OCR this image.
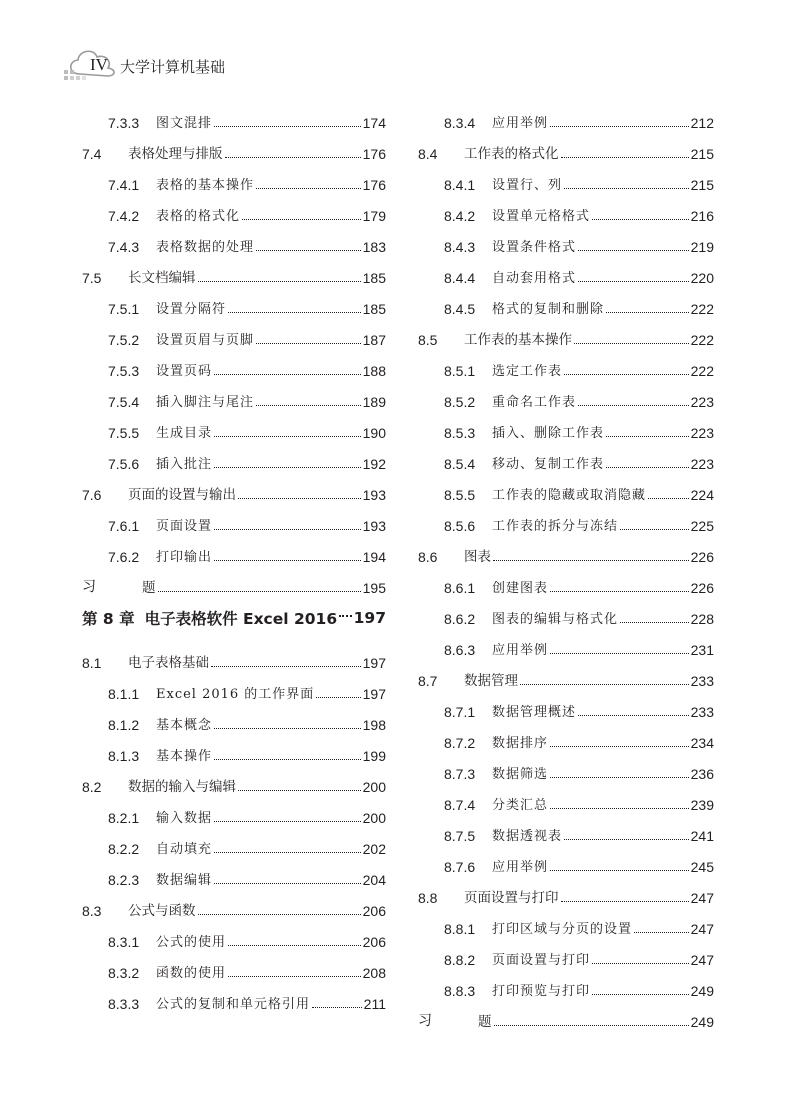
IV 大学计算机基础
7.3.3	图文混排	174
7.4	表格处理与排版	176
7.4.1	表格的基本操作	176
7.4.2	表格的格式化	179
7.4.3	表格数据的处理	183
7.5	长文档编辑	185
7.5.1	设置分隔符	185
7.5.2	设置页眉与页脚	187
7.5.3	设置页码	188
7.5.4	插入脚注与尾注	189
7.5.5	生成目录	190
7.5.6	插入批注	192
7.6	页面的设置与输出	193
7.6.1	页面设置	193
7.6.2	打印输出	194
习	题	195
第 8 章 电子表格软件 Excel 2016 197
8.1	电子表格基础	197
8.1.1	Excel 2016 的工作界面	197
8.1.2	基本概念	198
8.1.3	基本操作	199
8.2	数据的输入与编辑	200
8.2.1	输入数据	200
8.2.2	自动填充	202
8.2.3	数据编辑	204
8.3	公式与函数	206
8.3.1	公式的使用	206
8.3.2	函数的使用	208
8.3.3	公式的复制和单元格引用	211
8.3.4	应用举例	212
8.4	工作表的格式化	215
8.4.1	设置行、列	215
8.4.2	设置单元格格式	216
8.4.3	设置条件格式	219
8.4.4	自动套用格式	220
8.4.5	格式的复制和删除	222
8.5	工作表的基本操作	222
8.5.1	选定工作表	222
8.5.2	重命名工作表	223
8.5.3	插入、删除工作表	223
8.5.4	移动、复制工作表	223
8.5.5	工作表的隐藏或取消隐藏	224
8.5.6	工作表的拆分与冻结	225
8.6	图表	226
8.6.1	创建图表	226
8.6.2	图表的编辑与格式化	228
8.6.3	应用举例	231
8.7	数据管理	233
8.7.1	数据管理概述	233
8.7.2	数据排序	234
8.7.3	数据筛选	236
8.7.4	分类汇总	239
8.7.5	数据透视表	241
8.7.6	应用举例	245
8.8	页面设置与打印	247
8.8.1	打印区域与分页的设置	247
8.8.2	页面设置与打印	247
8.8.3	打印预览与打印	249
习	题	249
